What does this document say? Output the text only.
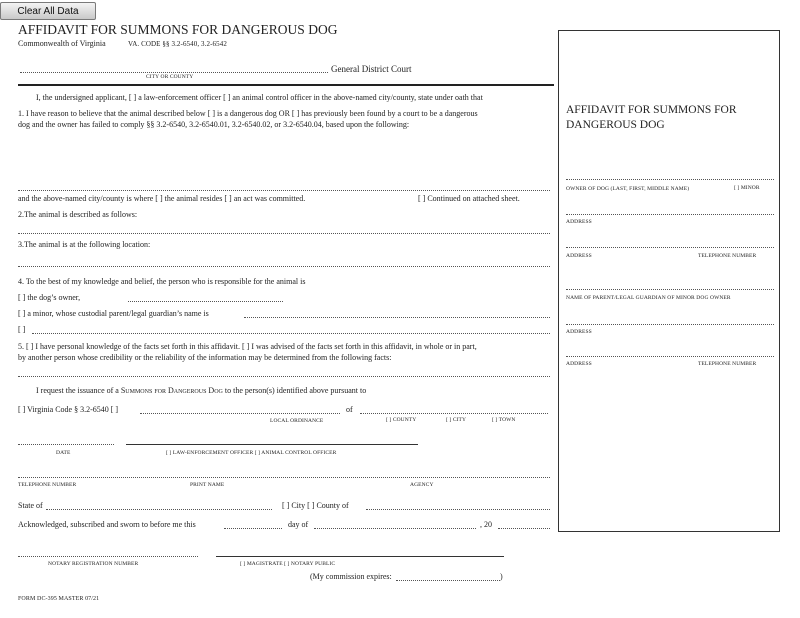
Clear All Data
AFFIDAVIT FOR SUMMONS FOR DANGEROUS DOG
Commonwealth of Virginia	VA. CODE §§ 3.2-6540, 3.2-6542
General District Court
CITY OR COUNTY
I, the undersigned applicant, [ ] a law-enforcement officer [ ] an animal control officer in the above-named city/county, state under oath that
1. I have reason to believe that the animal described below [ ] is a dangerous dog OR [ ] has previously been found by a court to be a dangerous
dog and the owner has failed to comply §§ 3.2-6540, 3.2-6540.01, 3.2-6540.02, or 3.2-6540.04, based upon the following:
and the above-named city/county is where [ ] the animal resides [ ] an act was committed.	[ ] Continued on attached sheet.
2.The animal is described as follows:
3.The animal is at the following location:
4. To the best of my knowledge and belief, the person who is responsible for the animal is
[ ] the dog’s owner,
[ ] a minor, whose custodial parent/legal guardian’s name is
[ ]
5. [ ] I have personal knowledge of the facts set forth in this affidavit. [ ] I was advised of the facts set forth in this affidavit, in whole or in part,
by another person whose credibility or the reliability of the information may be determined from the following facts:
I request the issuance of a Summons for Dangerous Dog to the person(s) identified above pursuant to
[ ] Virginia Code § 3.2-6540 [ ]	of
LOCAL ORDINANCE	[ ] COUNTY	[ ] CITY	[ ] TOWN
DATE	[ ] LAW-ENFORCEMENT OFFICER [ ] ANIMAL CONTROL OFFICER
TELEPHONE NUMBER	PRINT NAME	AGENCY
State of	[ ] City [ ] County of
Acknowledged, subscribed and sworn to before me this	day of	, 20
NOTARY REGISTRATION NUMBER	[ ] MAGISTRATE [ ] NOTARY PUBLIC
(My commission expires:	)
FORM DC-395 MASTER 07/21
AFFIDAVIT FOR SUMMONS FOR
DANGEROUS DOG
OWNER OF DOG (LAST, FIRST, MIDDLE NAME)	[ ] MINOR
ADDRESS
ADDRESS	TELEPHONE NUMBER
NAME OF PARENT/LEGAL GUARDIAN OF MINOR DOG OWNER
ADDRESS
ADDRESS	TELEPHONE NUMBER
